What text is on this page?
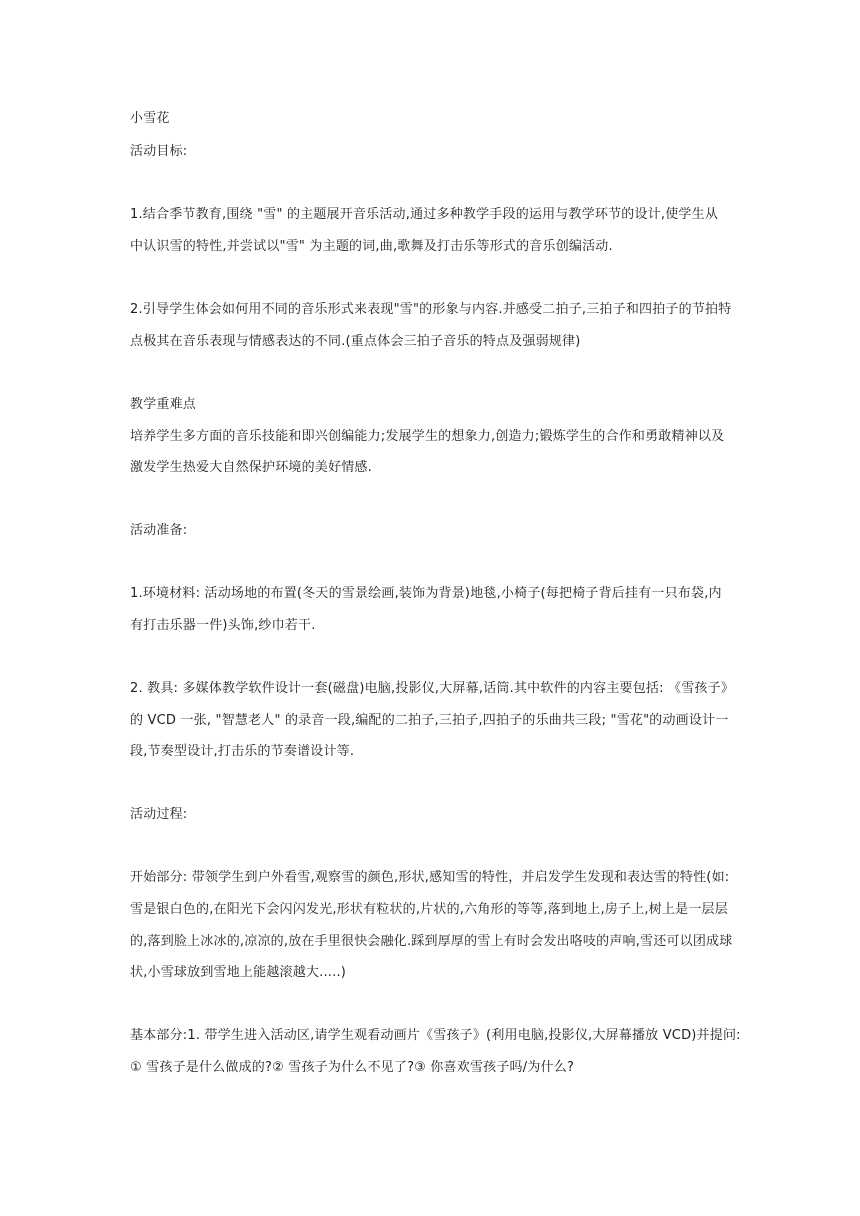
小雪花
活动目标:
1.结合季节教育,围绕 "雪" 的主题展开音乐活动,通过多种教学手段的运用与教学环节的设计,使学生从
中认识雪的特性,并尝试以"雪" 为主题的词,曲,歌舞及打击乐等形式的音乐创编活动.
2.引导学生体会如何用不同的音乐形式来表现"雪"的形象与内容.并感受二拍子,三拍子和四拍子的节拍特
点极其在音乐表现与情感表达的不同.(重点体会三拍子音乐的特点及强弱规律)
教学重难点
培养学生多方面的音乐技能和即兴创编能力;发展学生的想象力,创造力;锻炼学生的合作和勇敢精神以及
激发学生热爱大自然保护环境的美好情感.
活动准备:
1.环境材料: 活动场地的布置(冬天的雪景绘画,装饰为背景)地毯,小椅子(每把椅子背后挂有一只布袋,内
有打击乐器一件)头饰,纱巾若干.
2. 教具: 多媒体教学软件设计一套(磁盘)电脑,投影仪,大屏幕,话筒.其中软件的内容主要包括: 《雪孩子》
的 VCD 一张, "智慧老人" 的录音一段,编配的二拍子,三拍子,四拍子的乐曲共三段; "雪花"的动画设计一
段,节奏型设计,打击乐的节奏谱设计等.
活动过程:
开始部分: 带领学生到户外看雪,观察雪的颜色,形状,感知雪的特性，并启发学生发现和表达雪的特性(如:
雪是银白色的,在阳光下会闪闪发光,形状有粒状的,片状的,六角形的等等,落到地上,房子上,树上是一层层
的,落到脸上冰冰的,凉凉的,放在手里很快会融化.踩到厚厚的雪上有时会发出咯吱的声响,雪还可以团成球
状,小雪球放到雪地上能越滚越大.....)
基本部分:1. 带学生进入活动区,请学生观看动画片《雪孩子》(利用电脑,投影仪,大屏幕播放 VCD)并提问:
① 雪孩子是什么做成的?② 雪孩子为什么不见了?③ 你喜欢雪孩子吗/为什么?
